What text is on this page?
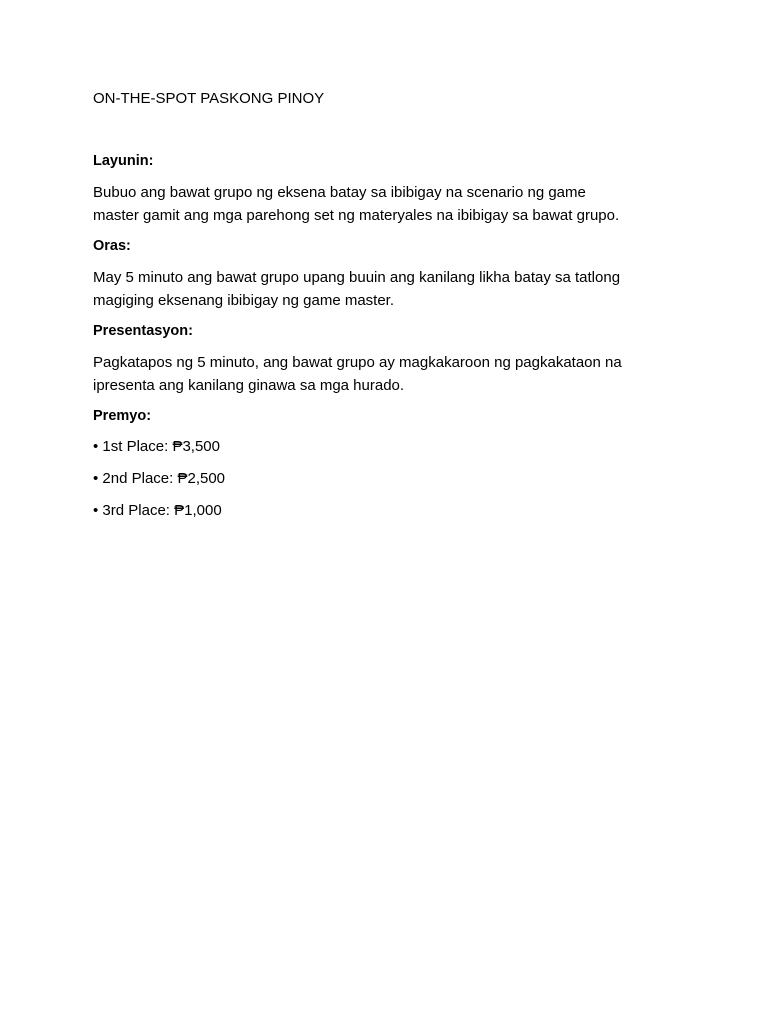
ON-THE-SPOT PASKONG PINOY

Layunin:

Bubuo ang bawat grupo ng eksena batay sa ibibigay na scenario ng game
master gamit ang mga parehong set ng materyales na ibibigay sa bawat grupo.

Oras:

May 5 minuto ang bawat grupo upang buuin ang kanilang likha batay sa tatlong
magiging eksenang ibibigay ng game master.

Presentasyon:

Pagkatapos ng 5 minuto, ang bawat grupo ay magkakaroon ng pagkakataon na
ipresenta ang kanilang ginawa sa mga hurado.

Premyo:

• 1st Place: ₱3,500
• 2nd Place: ₱2,500
• 3rd Place: ₱1,000
